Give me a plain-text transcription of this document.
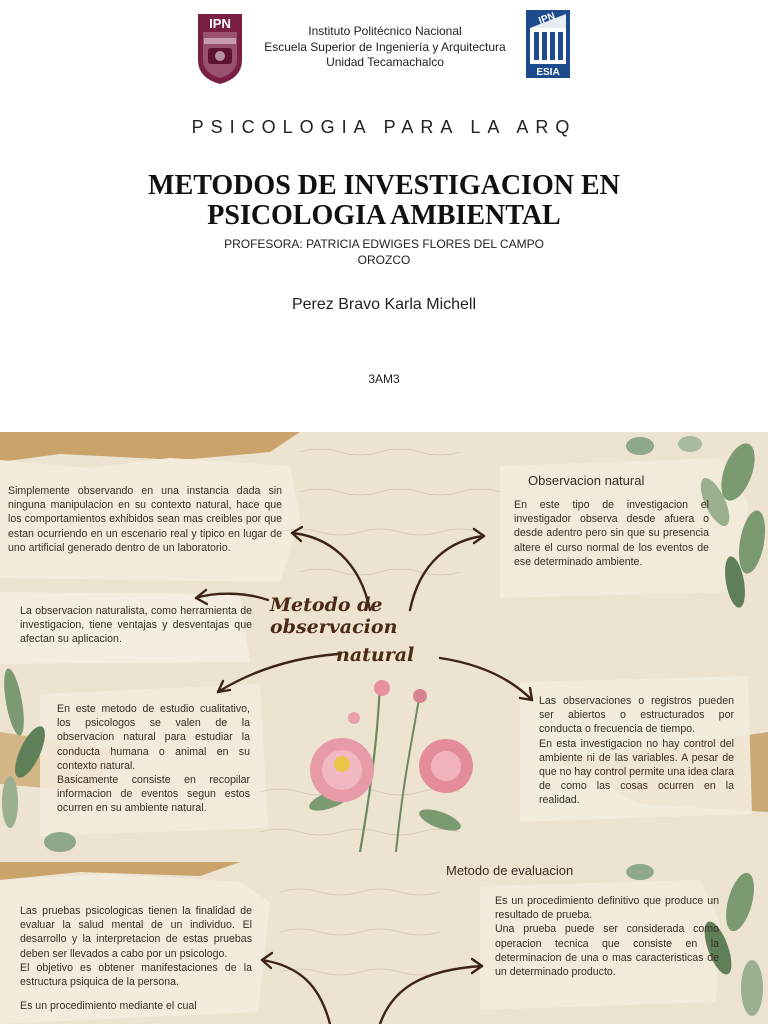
IPN	Instituto Politécnico Nacional
Escuela Superior de Ingeniería y Arquitectura
Unidad Tecamachalco
IPN
ESIA
PSICOLOGIA PARA LA ARQ
METODOS DE INVESTIGACION EN PSICOLOGIA AMBIENTAL
PROFESORA: PATRICIA EDWIGES FLORES DEL CAMPO OROZCO
Perez Bravo Karla Michell
3AM3
Metodo de observacion
natural
Simplemente observando en una instancia dada sin ninguna manipulacion en su contexto natural, hace que los comportamientos exhibidos sean mas creibles por que estan ocurriendo en un escenario real y tipico en lugar de uno artificial generado dentro de un laboratorio.
La observacion naturalista, como herramienta de investigacion, tiene ventajas y desventajas que afectan su aplicacion.
En este metodo de estudio cualitativo, los psicologos se valen de la observacion natural para estudiar la conducta humana o animal en su contexto natural.
Basicamente consiste en recopilar informacion de eventos segun estos ocurren en su ambiente natural.
Observacion natural
En este tipo de investigacion el investigador observa desde afuera o desde adentro pero sin que su presencia altere el curso normal de los eventos de ese determinado ambiente.
Las observaciones o registros pueden ser abiertos o estructurados por conducta o frecuencia de tiempo.
En esta investigacion no hay control del ambiente ni de las variables. A pesar de que no hay control permite una idea clara de como las cosas ocurren en la realidad.
Metodo de evaluacion
Las pruebas psicologicas tienen la finalidad de evaluar la salud mental de un individuo. El desarrollo y la interpretacion de estas pruebas deben ser llevados a cabo por un psicologo.
El objetivo es obtener manifestaciones de la estructura psiquica de la persona.
Es un procedimiento mediante el cual
Es un procedimiento definitivo que produce un resultado de prueba.
Una prueba puede ser considerada como operacion tecnica que consiste en la determinacion de una o mas caracteristicas de un determinado producto.
